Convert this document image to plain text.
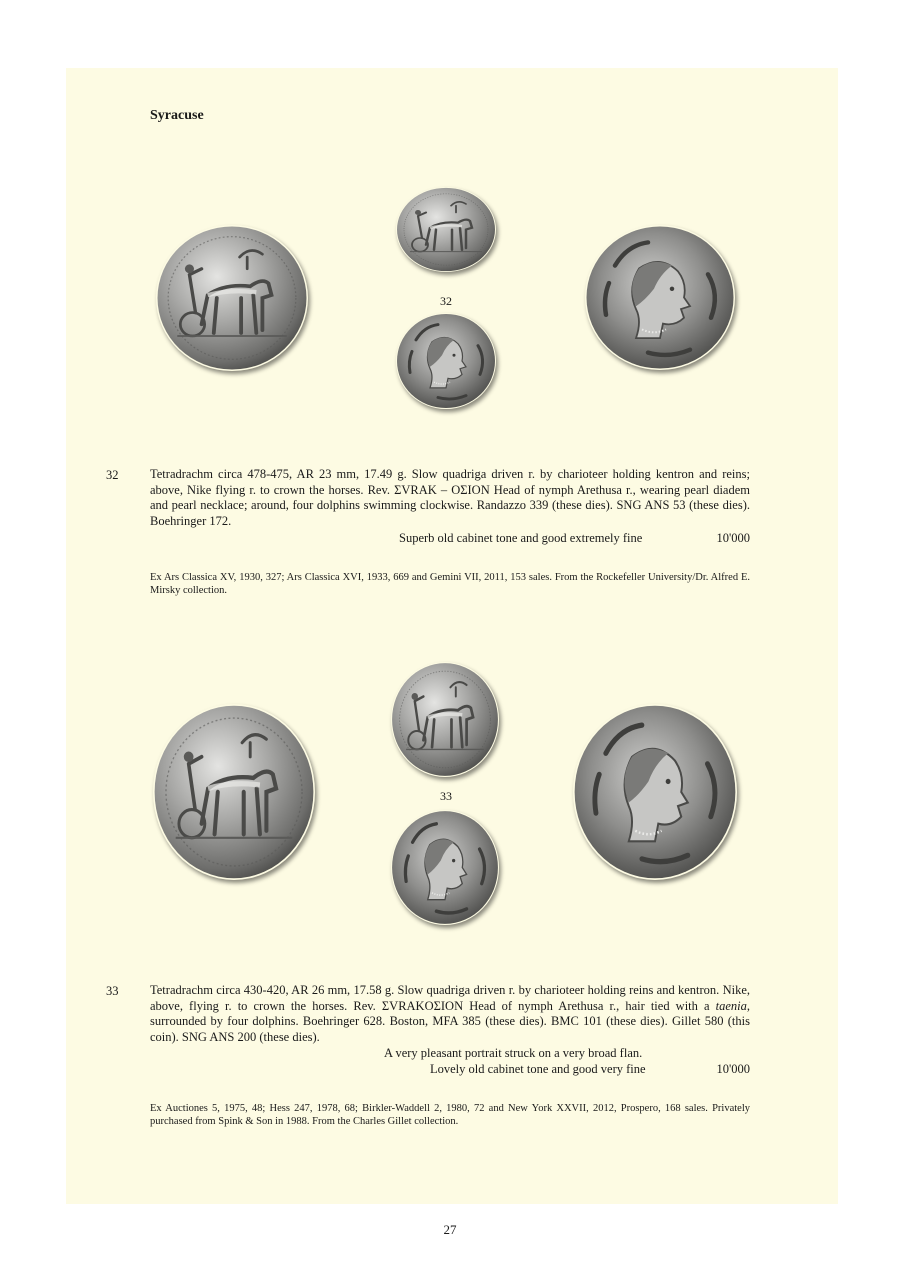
Syracuse
32
32	Tetradrachm circa 478-475, AR 23 mm, 17.49 g. Slow quadriga driven r. by charioteer holding kentron and reins; above, Nike flying r. to crown the horses. Rev. ΣVRAK – ΟΣΙΟΝ Head of nymph Arethusa r., wearing pearl diadem and pearl necklace; around, four dolphins swimming clockwise. Randazzo 339 (these dies). SNG ANS 53 (these dies). Boehringer 172.
Superb old cabinet tone and good extremely fine	10'000
Ex Ars Classica XV, 1930, 327; Ars Classica XVI, 1933, 669 and Gemini VII, 2011, 153 sales. From the Rockefeller University/Dr. Alfred E. Mirsky collection.
33
33	Tetradrachm circa 430-420, AR 26 mm, 17.58 g. Slow quadriga driven r. by charioteer holding reins and kentron. Nike, above, flying r. to crown the horses. Rev. ΣVRAKOΣΙΟΝ Head of nymph Arethusa r., hair tied with a taenia, surrounded by four dolphins. Boehringer 628. Boston, MFA 385 (these dies). BMC 101 (these dies). Gillet 580 (this coin). SNG ANS 200 (these dies).
A very pleasant portrait struck on a very broad flan.
Lovely old cabinet tone and good very fine	10'000
Ex Auctiones 5, 1975, 48; Hess 247, 1978, 68; Birkler-Waddell 2, 1980, 72 and New York XXVII, 2012, Prospero, 168 sales. Privately purchased from Spink & Son in 1988. From the Charles Gillet collection.
27
